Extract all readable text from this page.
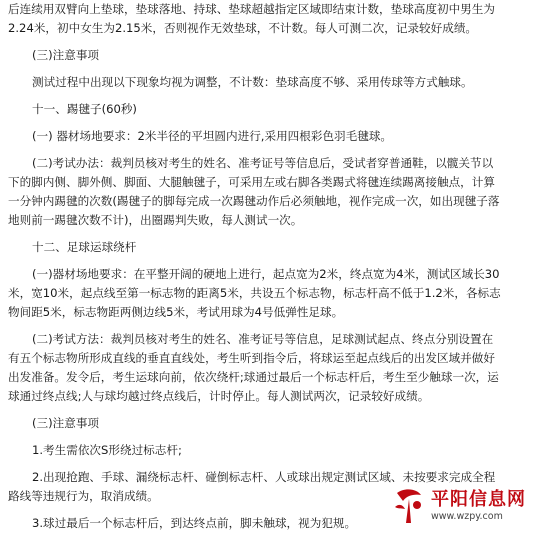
后连续用双臂向上垫球，垫球落地、持球、垫球超越指定区域即结束计数，垫球高度初中男生为

2.24米，初中女生为2.15米，否则视作无效垫球，不计数。每人可测二次，记录较好成绩。

(三)注意事项

测试过程中出现以下现象均视为调整，不计数：垫球高度不够、采用传球等方式触球。

十一、踢毽子(60秒)

(一) 器材场地要求：2米半径的平坦圆内进行,采用四根彩色羽毛毽球。

(二)考试办法：裁判员核对考生的姓名、准考证号等信息后，受试者穿普通鞋，以髋关节以

下的脚内侧、脚外侧、脚面、大腿触毽子，可采用左或右脚各类踢式将毽连续踢离接触点，计算

一分钟内踢毽的次数(踢毽子的脚每完成一次踢毽动作后必须触地，视作完成一次，如出现毽子落

地则前一踢毽次数不计)，出圈踢判失败，每人测试一次。

十二、足球运球绕杆

(一)器材场地要求：在平整开阔的硬地上进行，起点宽为2米，终点宽为4米，测试区域长30

米，宽10米，起点线至第一标志物的距离5米，共设五个标志物，标志杆高不低于1.2米，各标志

物间距5米，标志物距两侧边线5米，考试用球为4号低弹性足球。

(二)考试方法：裁判员核对考生的姓名、准考证号等信息，足球测试起点、终点分别设置在

有五个标志物所形成直线的垂直直线处，考生听到指令后，将球运至起点线后的出发区域并做好

出发准备。发令后，考生运球向前，依次绕杆;球通过最后一个标志杆后，考生至少触球一次，运

球通过终点线;人与球均越过终点线后，计时停止。每人测试两次，记录较好成绩。

(三)注意事项

1.考生需依次S形绕过标志杆;

2.出现抢跑、手球、漏绕标志杆、碰倒标志杆、人或球出规定测试区域、未按要求完成全程

路线等违规行为，取消成绩。

3.球过最后一个标志杆后，到达终点前，脚未触球，视为犯规。

平阳信息网
www.wzpy.com
